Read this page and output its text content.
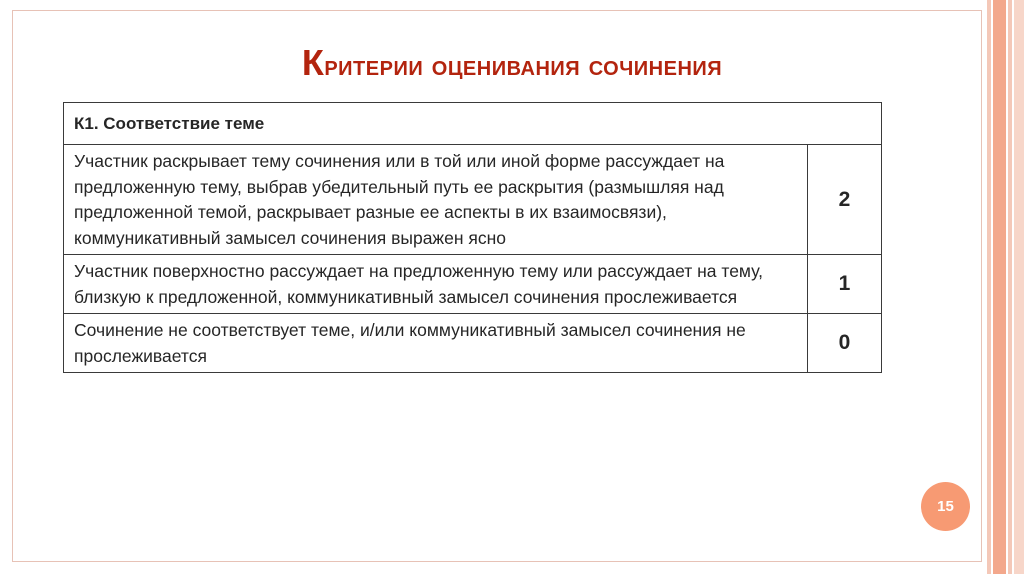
Критерии оценивания сочинения
К1. Соответствие теме	
Участник раскрывает тему сочинения или в той или иной форме рассуждает на предложенную тему, выбрав убедительный путь ее раскрытия (размышляя над предложенной темой, раскрывает разные ее аспекты в их взаимосвязи), коммуникативный замысел сочинения выражен ясно	2
Участник поверхностно рассуждает на предложенную тему или рассуждает на тему, близкую к предложенной, коммуникативный замысел сочинения прослеживается	1
Сочинение не соответствует теме, и/или коммуникативный замысел сочинения не прослеживается	0
15
